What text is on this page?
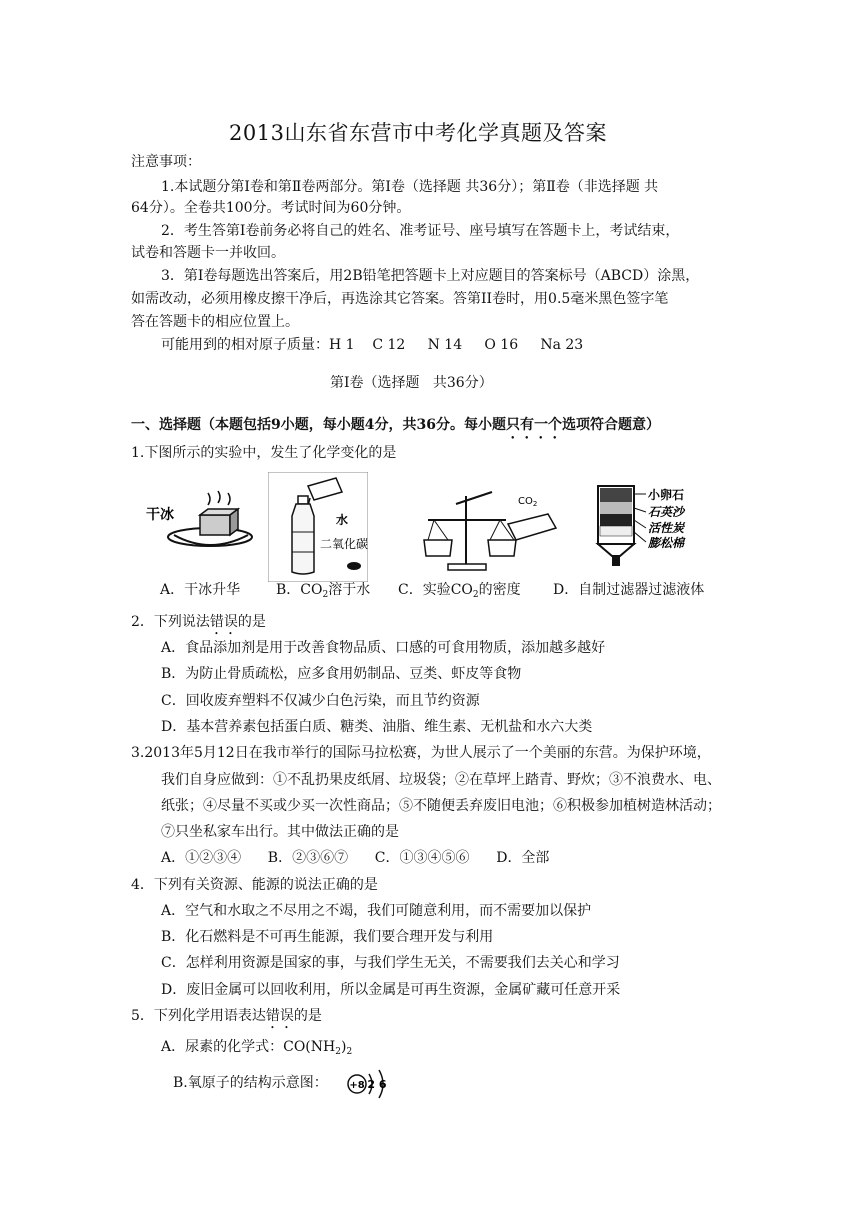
2013山东省东营市中考化学真题及答案
注意事项：
1.本试题分第Ⅰ卷和第Ⅱ卷两部分。第Ⅰ卷（选择题 共36分）；第Ⅱ卷（非选择题 共
64分）。全卷共100分。考试时间为60分钟。
2．考生答第Ⅰ卷前务必将自己的姓名、准考证号、座号填写在答题卡上，考试结束，
试卷和答题卡一并收回。
3．第Ⅰ卷每题选出答案后，用2B铅笔把答题卡上对应题目的答案标号（ABCD）涂黑，
如需改动，必须用橡皮擦干净后，再选涂其它答案。答第II卷时，用0.5毫米黑色签字笔
答在答题卡的相应位置上。
可能用到的相对原子质量：H 1    C 12     N 14     O 16     Na 23
第Ⅰ卷（选择题   共36分）
一、选择题（本题包括9小题，每小题4分，共36分。每小题只有一个选项符合题意）
1.下图所示的实验中，发生了化学变化的是
干冰	水
二氧化碳
$CO_2$
小卵石
石英沙
活性炭
膨松棉
A．干冰升华	B．$CO_2$溶于水 C．实验$CO_2$的密度 D．自制过滤器过滤液体
2．下列说法错误的是
A．食品添加剂是用于改善食物品质、口感的可食用物质，添加越多越好
B．为防止骨质疏松，应多食用奶制品、豆类、虾皮等食物
C．回收废弃塑料不仅减少白色污染，而且节约资源
D．基本营养素包括蛋白质、糖类、油脂、维生素、无机盐和水六大类
3.2013年5月12日在我市举行的国际马拉松赛，为世人展示了一个美丽的东营。为保护环境，
我们自身应做到：①不乱扔果皮纸屑、垃圾袋；②在草坪上踏青、野炊；③不浪费水、电、
纸张；④尽量不买或少买一次性商品；⑤不随便丢弃废旧电池；⑥积极参加植树造林活动；
⑦只坐私家车出行。其中做法正确的是
A．①②③④      B．②③⑥⑦      C．①③④⑤⑥      D．全部
4．下列有关资源、能源的说法正确的是
A．空气和水取之不尽用之不竭，我们可随意利用，而不需要加以保护
B．化石燃料是不可再生能源，我们要合理开发与利用
C．怎样利用资源是国家的事，与我们学生无关，不需要我们去关心和学习
D．废旧金属可以回收利用，所以金属是可再生资源，金属矿藏可任意开采
5．下列化学用语表达错误的是
A．尿素的化学式：$CO(NH_2)_2$
B.氧原子的结构示意图： +8 2 6
